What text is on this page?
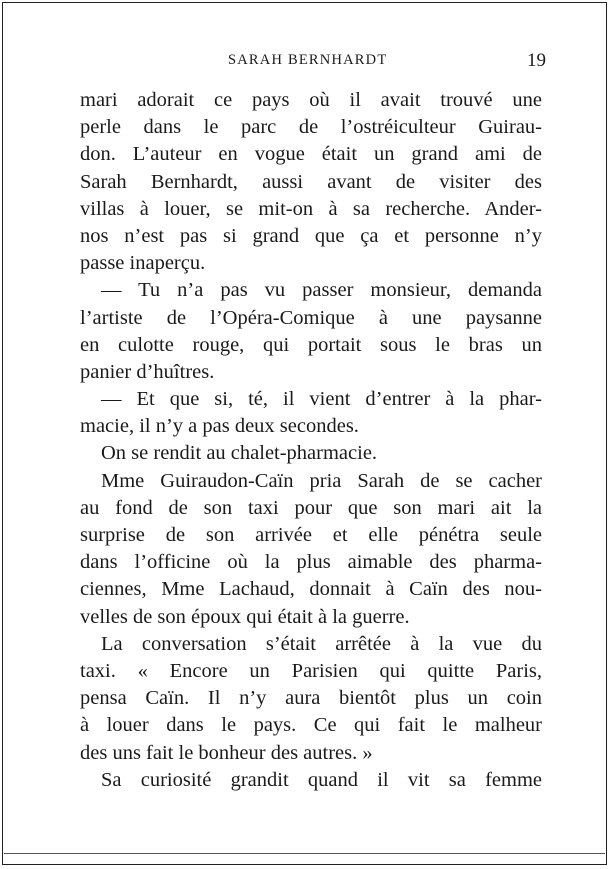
SARAH BERNHARDT	19
mari adorait ce pays où il avait trouvé une
perle dans le parc de l’ostréiculteur Guirau-
don. L’auteur en vogue était un grand ami de
Sarah Bernhardt, aussi avant de visiter des
villas à louer, se mit-on à sa recherche. Ander-
nos n’est pas si grand que ça et personne n’y
passe inaperçu.
— Tu n’a pas vu passer monsieur, demanda
l’artiste de l’Opéra-Comique à une paysanne
en culotte rouge, qui portait sous le bras un
panier d’huîtres.
— Et que si, té, il vient d’entrer à la phar-
macie, il n’y a pas deux secondes.
On se rendit au chalet-pharmacie.
Mme Guiraudon-Caïn pria Sarah de se cacher
au fond de son taxi pour que son mari ait la
surprise de son arrivée et elle pénétra seule
dans l’officine où la plus aimable des pharma-
ciennes, Mme Lachaud, donnait à Caïn des nou-
velles de son époux qui était à la guerre.
La conversation s’était arrêtée à la vue du
taxi. « Encore un Parisien qui quitte Paris,
pensa Caïn. Il n’y aura bientôt plus un coin
à louer dans le pays. Ce qui fait le malheur
des uns fait le bonheur des autres. »
Sa curiosité grandit quand il vit sa femme
